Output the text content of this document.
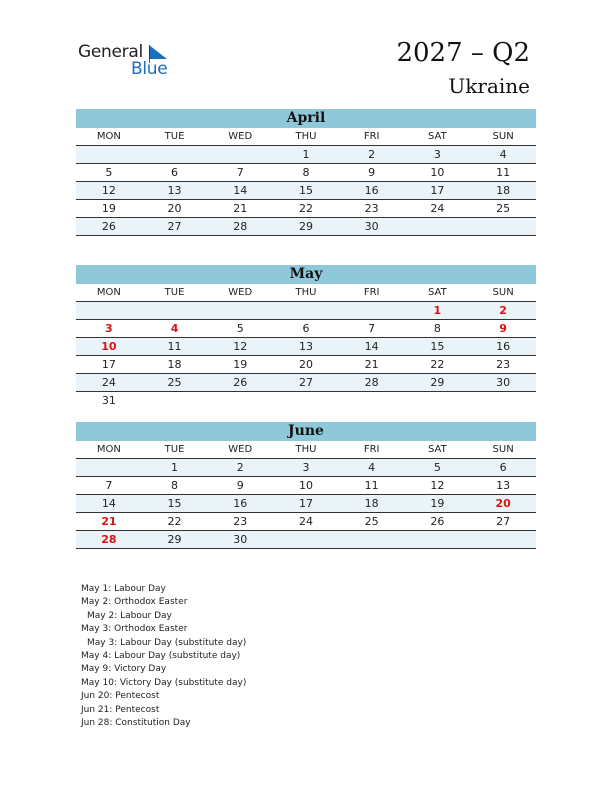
General
Blue
2027 – Q2
Ukraine
April
MON	TUE	WED	THU	FRI	SAT	SUN
			1	2	3	4
5	6	7	8	9	10	11
12	13	14	15	16	17	18
19	20	21	22	23	24	25
26	27	28	29	30		
May
MON	TUE	WED	THU	FRI	SAT	SUN
					1	2
3	4	5	6	7	8	9
10	11	12	13	14	15	16
17	18	19	20	21	22	23
24	25	26	27	28	29	30
31						
June
MON	TUE	WED	THU	FRI	SAT	SUN
	1	2	3	4	5	6
7	8	9	10	11	12	13
14	15	16	17	18	19	20
21	22	23	24	25	26	27
28	29	30				
May 1: Labour Day
May 2: Orthodox Easter
May 2: Labour Day
May 3: Orthodox Easter
May 3: Labour Day (substitute day)
May 4: Labour Day (substitute day)
May 9: Victory Day
May 10: Victory Day (substitute day)
Jun 20: Pentecost
Jun 21: Pentecost
Jun 28: Constitution Day
